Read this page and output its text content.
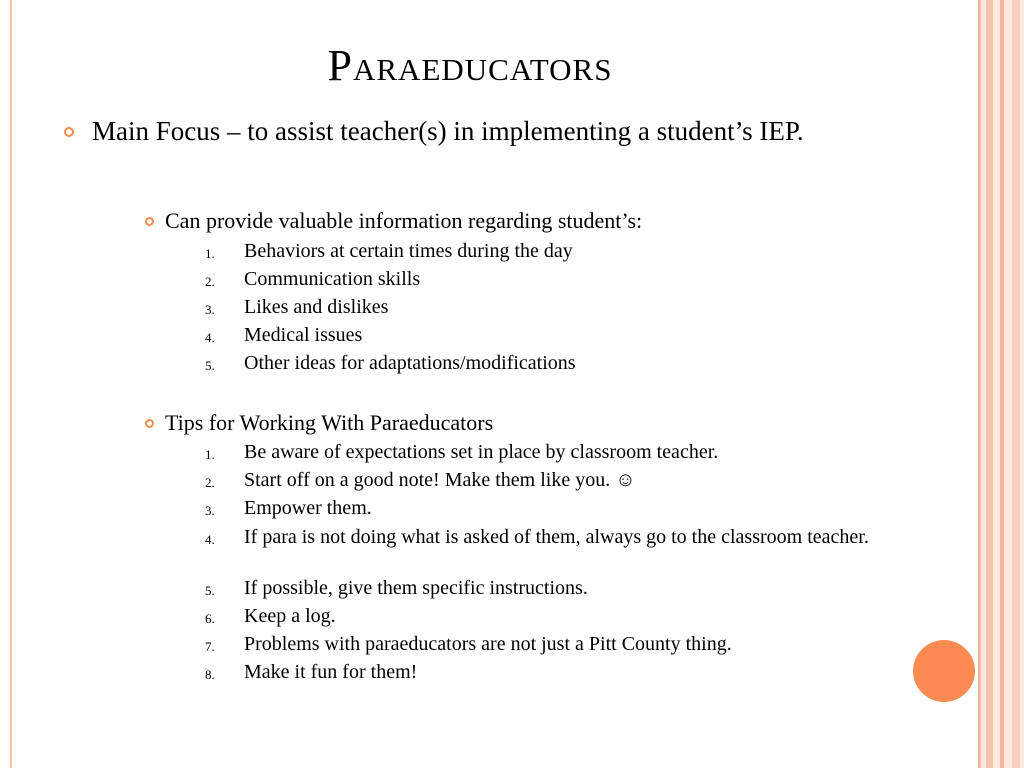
Paraeducators
Main Focus – to assist teacher(s) in implementing a student’s IEP.
Can provide valuable information regarding student’s:
1.	Behaviors at certain times during the day
2.	Communication skills
3.	Likes and dislikes
4.	Medical issues
5.	Other ideas for adaptations/modifications
Tips for Working With Paraeducators
1.	Be aware of expectations set in place by classroom teacher.
2.	Start off on a good note! Make them like you. ☺
3.	Empower them.
4.	If para is not doing what is asked of them, always go to the classroom teacher.
5.	If possible, give them specific instructions.
6.	Keep a log.
7.	Problems with paraeducators are not just a Pitt County thing.
8.	Make it fun for them!
